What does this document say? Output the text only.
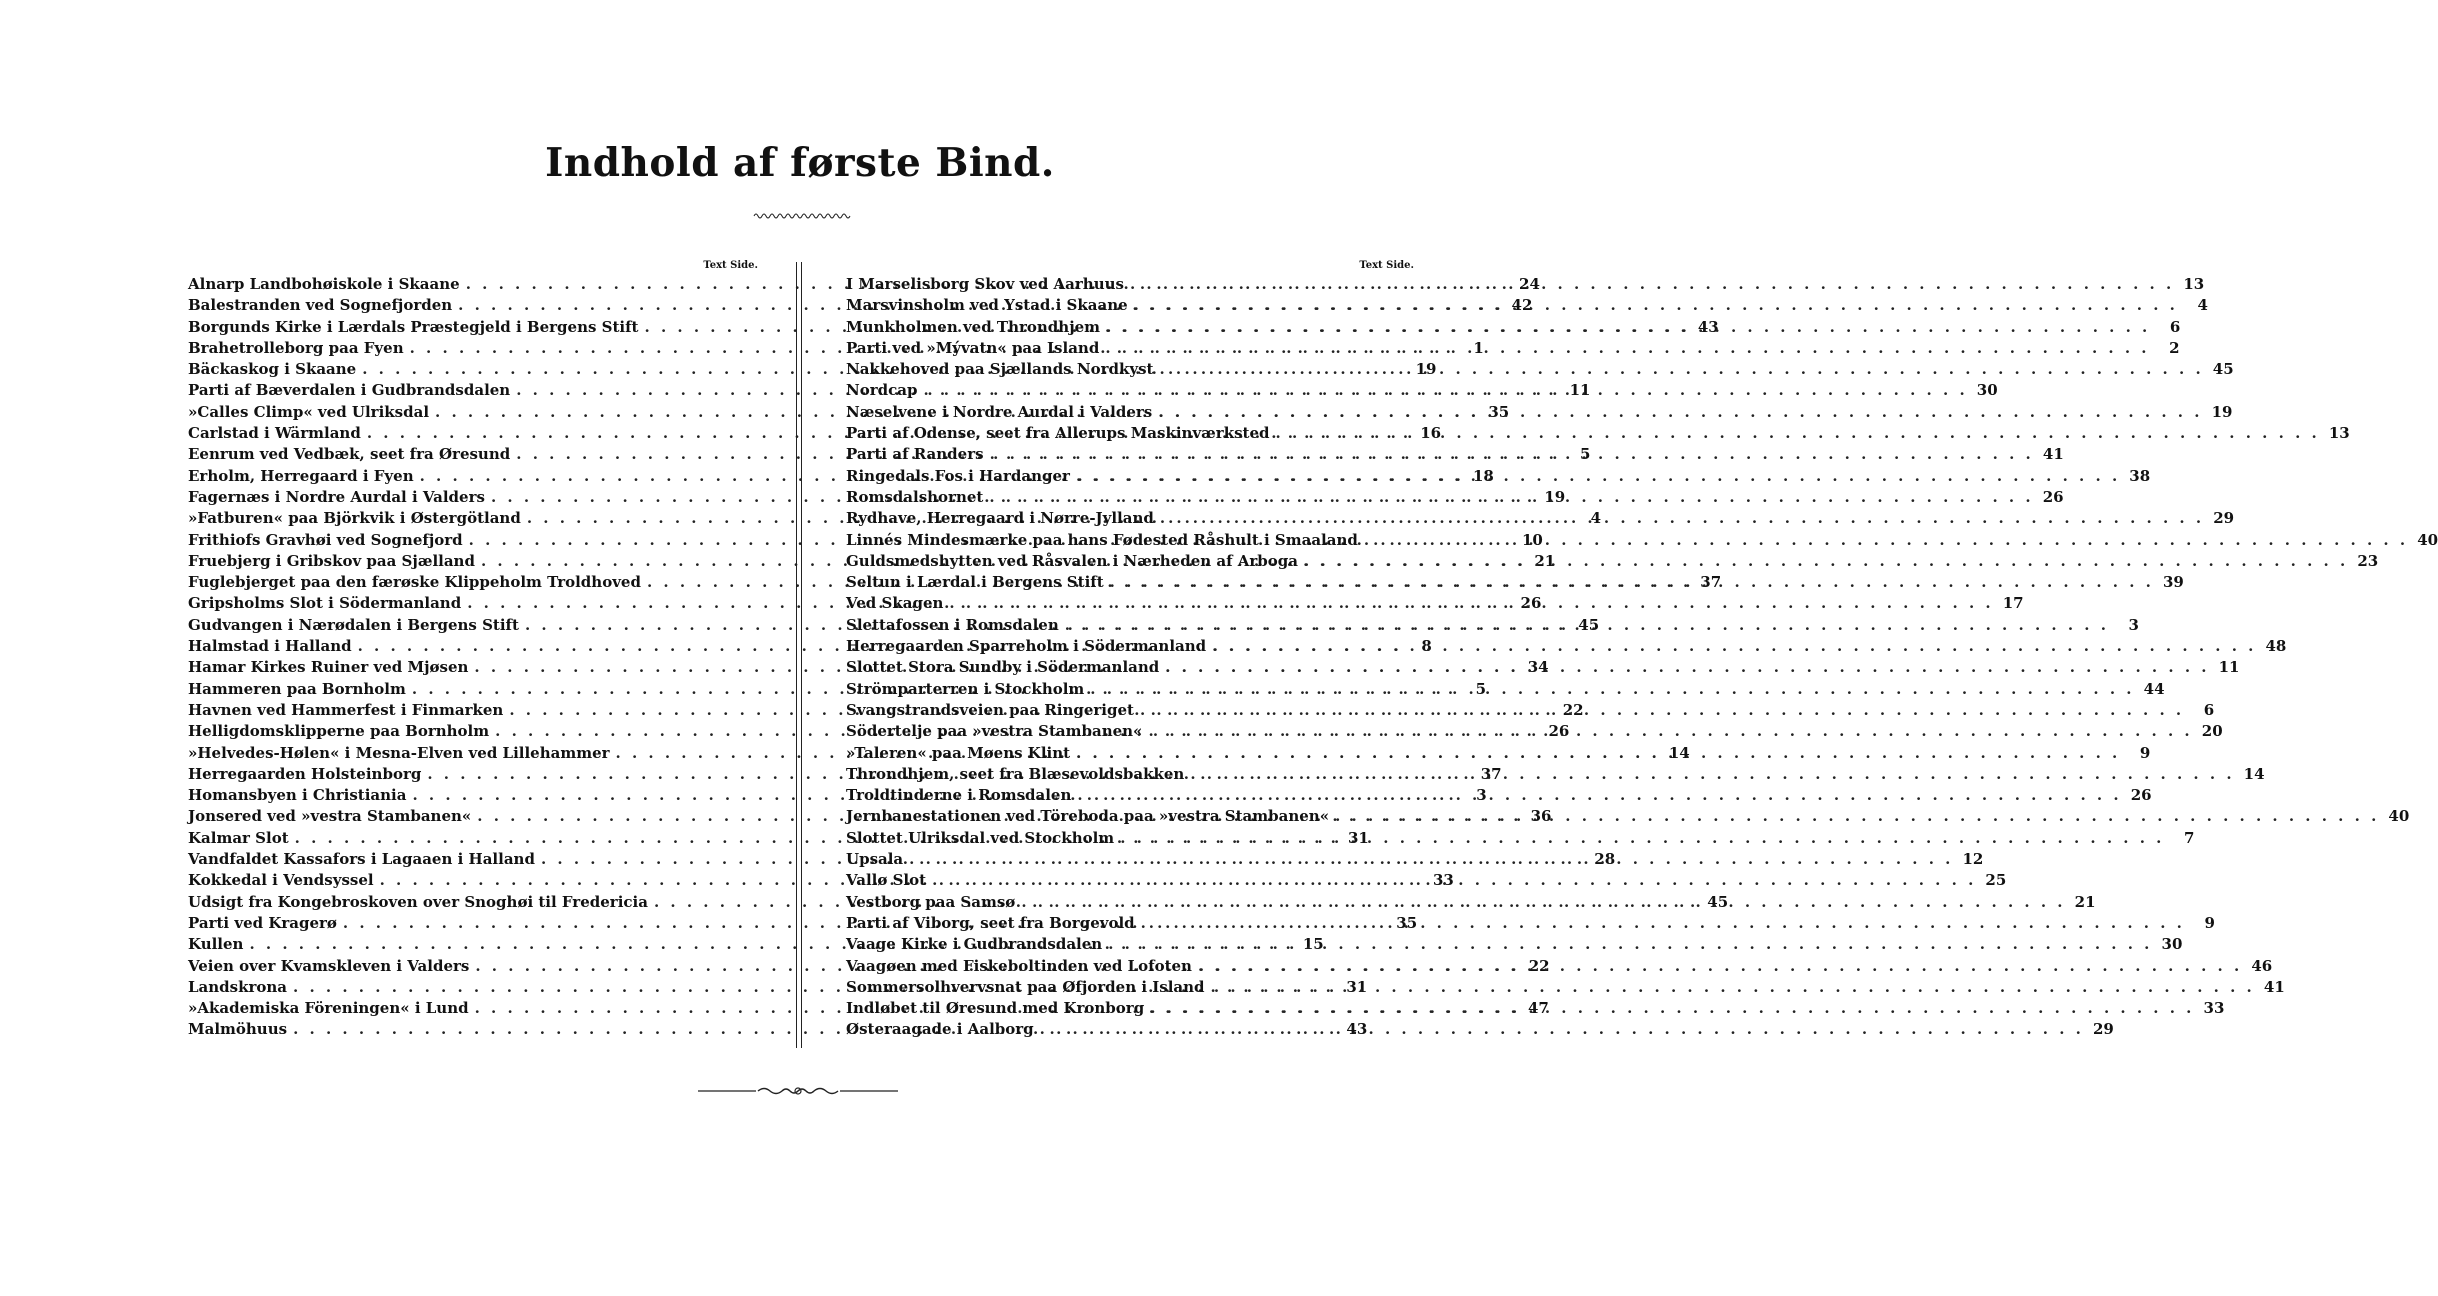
Indhold af første Bind.
Text Side.
Alnarp Landbohøiskole i Skaane . . .	24
Balestranden ved Sognefjorden . . .	42
Borgunds Kirke i Lærdals Præstegjeld i Bergens Stift . . .	43
Brahetrolleborg paa Fyen . . .	1
Bäckaskog i Skaane . . .	19
Parti af Bæverdalen i Gudbrandsdalen . . .	11
»Calles Climp« ved Ulriksdal . . .	35
Carlstad i Wärmland . . .	16
Eenrum ved Vedbæk, seet fra Øresund . . .	5
Erholm, Herregaard i Fyen . . .	18
Fagernæs i Nordre Aurdal i Valders . . .	19
»Fatburen« paa Björkvik i Østergötland . . .	4
Frithiofs Gravhøi ved Sognefjord . . .	10
Fruebjerg i Gribskov paa Sjælland . . .	21
Fuglebjerget paa den færøske Klippeholm Troldhoved . . .	37
Gripsholms Slot i Södermanland . . .	26
Gudvangen i Nærødalen i Bergens Stift . . .	45
Halmstad i Halland . . .	8
Hamar Kirkes Ruiner ved Mjøsen . . .	34
Hammeren paa Bornholm . . .	5
Havnen ved Hammerfest i Finmarken . . .	22
Helligdomsklipperne paa Bornholm . . .	26
»Helvedes-Hølen« i Mesna-Elven ved Lillehammer . . .	14
Herregaarden Holsteinborg . . .	37
Homansbyen i Christiania . . .	3
Jonsered ved »vestra Stambanen« . . .	36
Kalmar Slot . . .	31
Vandfaldet Kassafors i Lagaaen i Halland . . .	28
Kokkedal i Vendsyssel . . .	33
Udsigt fra Kongebroskoven over Snoghøi til Fredericia . . .	45
Parti ved Kragerø . . .	35
Kullen . . .	15
Veien over Kvamskleven i Valders . . .	22
Landskrona . . .	31
»Akademiska Föreningen« i Lund . . .	47
Malmöhuus . . .	43
Text Side.
I Marselisborg Skov ved Aarhuus . . .	13
Marsvinsholm ved Ystad i Skaane . . .	4
Munkholmen ved Throndhjem . . .	6
Parti ved »Mývatn« paa Island . . .	2
Nakkehoved paa Sjællands Nordkyst . . .	45
Nordcap . . .	30
Næselvene i Nordre Aurdal i Valders . . .	19
Parti af Odense, seet fra Allerups Maskinværksted . . .	13
Parti af Randers . . .	41
Ringedals Fos i Hardanger . . .	38
Romsdalshornet . . .	26
Rydhave, Herregaard i Nørre-Jylland . . .	29
Linnés Mindesmærke paa hans Fødested Råshult i Smaaland . . .	40
Guldsmedshytten ved Råsvalen i Nærheden af Arboga . . .	23
Seltun i Lærdal i Bergens Stift . . .	39
Ved Skagen . . .	17
Slettafossen i Romsdalen . . .	3
Herregaarden Sparreholm i Södermanland . . .	48
Slottet Stora Sundby i Södermanland . . .	11
Strömparterren i Stockholm . . .	44
Svangstrandsveien paa Ringeriget . . .	6
Södertelje paa »vestra Stambanen« . . .	20
»Taleren« paa Møens Klint . . .	9
Throndhjem, seet fra Blæsevoldsbakken . . .	14
Troldtinderne i Romsdalen . . .	26
Jernbanestationen ved Töreboda paa »vestra Stambanen« . . .	40
Slottet Ulriksdal ved Stockholm . . .	7
Upsala . . .	12
Vallø Slot . . .	25
Vestborg paa Samsø . . .	21
Parti af Viborg, seet fra Borgevold . . .	9
Vaage Kirke i Gudbrandsdalen . . .	30
Vaagøen med Fiskeboltinden ved Lofoten . . .	46
Sommersolhvervsnat paa Øfjorden i Island . . .	41
Indløbet til Øresund med Kronborg . . .	33
Østeraagade i Aalborg . . .	29
